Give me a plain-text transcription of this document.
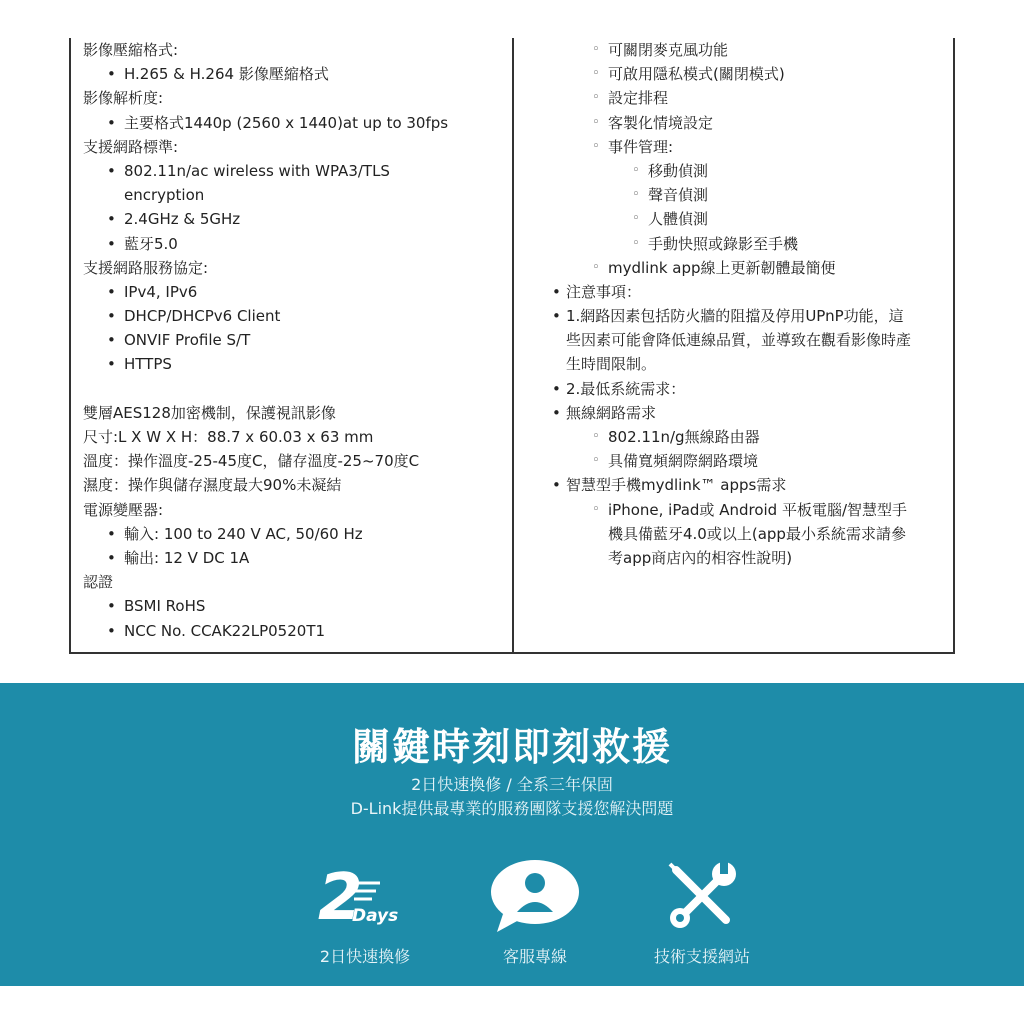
影像壓縮格式:
• H.265 & H.264 影像壓縮格式
影像解析度:
• 主要格式1440p (2560 x 1440)at up to 30fps
支援網路標準:
• 802.11n/ac wireless with WPA3/TLS
encryption
• 2.4GHz & 5GHz
• 藍牙5.0
支援網路服務協定:
• IPv4, IPv6
• DHCP/DHCPv6 Client
• ONVIF Profile S/T
• HTTPS
雙層AES128加密機制，保護視訊影像
尺寸:L X W X H：88.7 x 60.03 x 63 mm
溫度：操作溫度-25-45度C，儲存溫度-25~70度C
濕度：操作與儲存濕度最大90%未凝結
電源變壓器:
• 輸入: 100 to 240 V AC, 50/60 Hz
• 輸出: 12 V DC 1A
認證
• BSMI RoHS
• NCC No. CCAK22LP0520T1
◦ 可關閉麥克風功能
◦ 可啟用隱私模式(關閉模式)
◦ 設定排程
◦ 客製化情境設定
◦ 事件管理:
◦ 移動偵測
◦ 聲音偵測
◦ 人體偵測
◦ 手動快照或錄影至手機
◦ mydlink app線上更新韌體最簡便
• 注意事項：
• 1.網路因素包括防火牆的阻擋及停用UPnP功能，這
些因素可能會降低連線品質，並導致在觀看影像時產
生時間限制。
• 2.最低系統需求：
• 無線網路需求
◦ 802.11n/g無線路由器
◦ 具備寬頻網際網路環境
• 智慧型手機mydlink™ apps需求
◦ iPhone, iPad或 Android 平板電腦/智慧型手
機具備藍牙4.0或以上(app最小系統需求請參
考app商店內的相容性說明)
關鍵時刻即刻救援
2日快速換修 / 全系三年保固
D-Link提供最專業的服務團隊支援您解決問題
2
Days
2日快速換修	客服專線	技術支援網站
